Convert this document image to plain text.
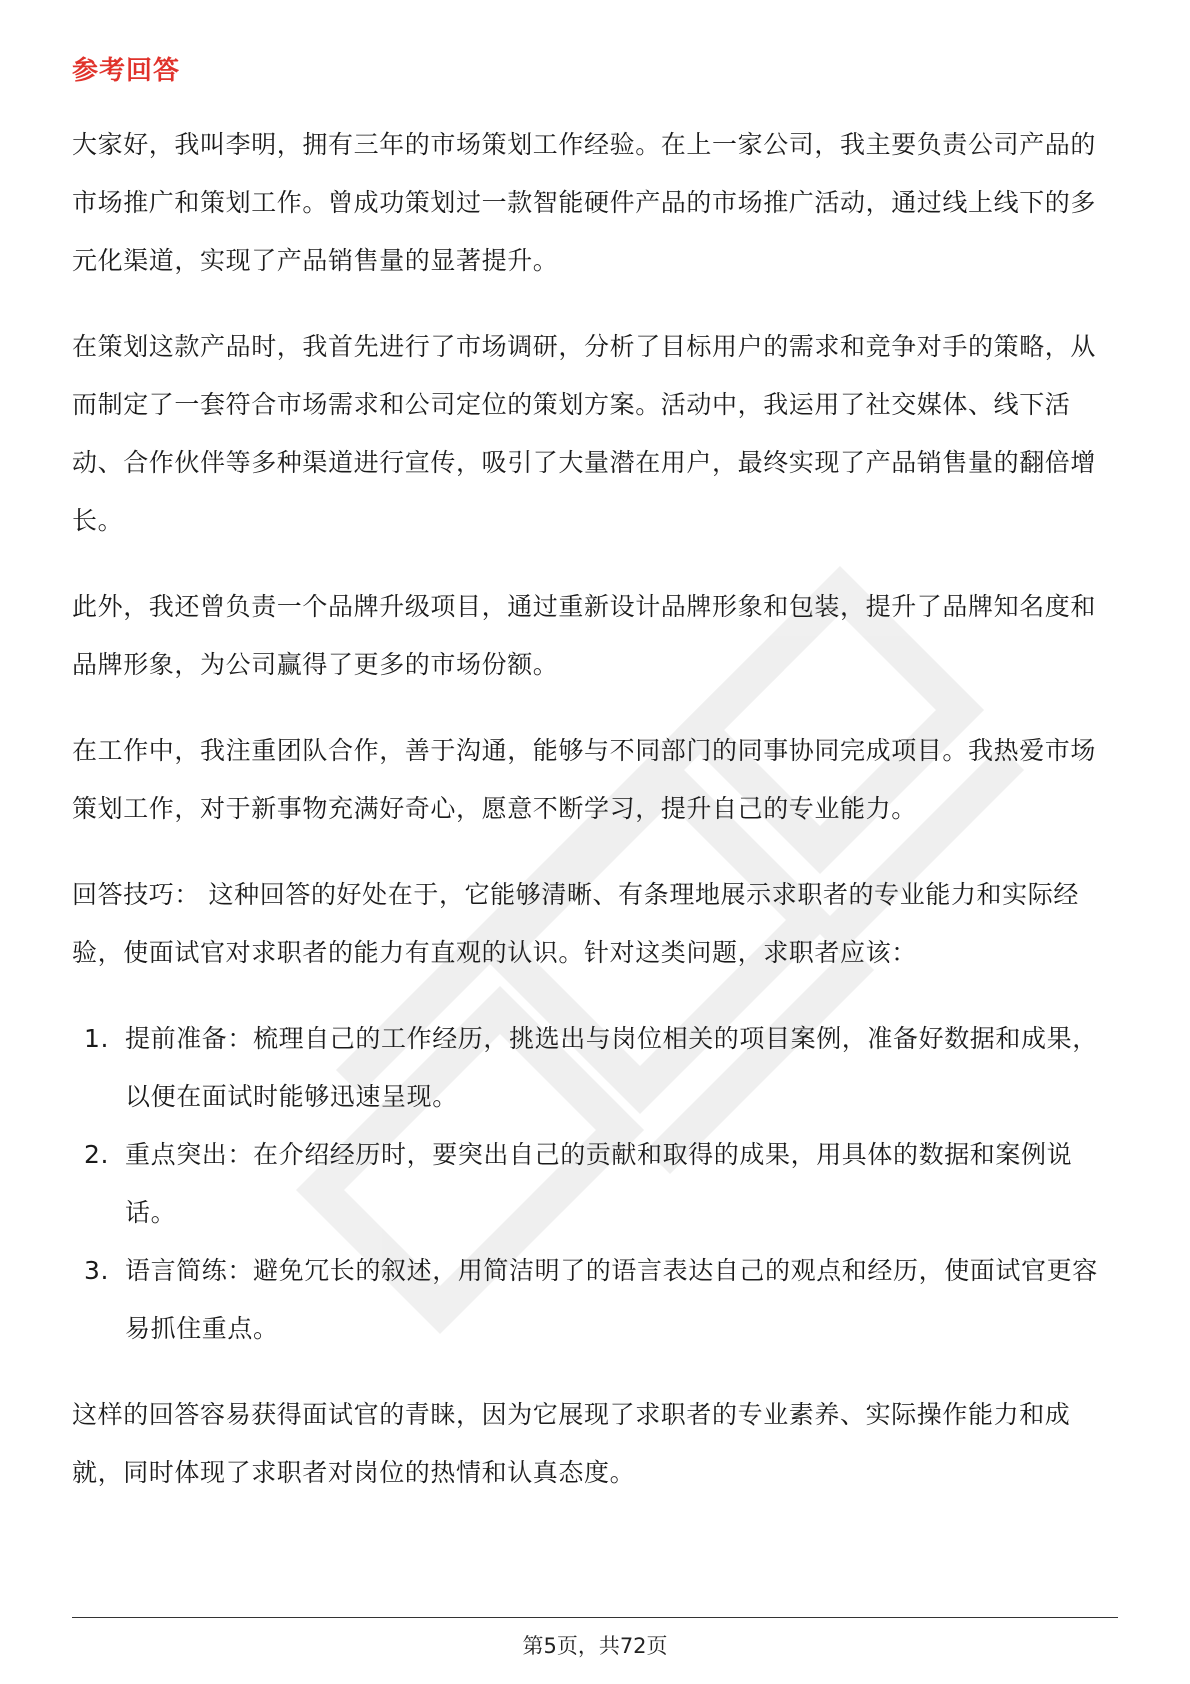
参考回答

大家好，我叫李明，拥有三年的市场策划工作经验。在上一家公司，我主要负责公司产品的市场推广和策划工作。曾成功策划过一款智能硬件产品的市场推广活动，通过线上线下的多元化渠道，实现了产品销售量的显著提升。

在策划这款产品时，我首先进行了市场调研，分析了目标用户的需求和竞争对手的策略，从而制定了一套符合市场需求和公司定位的策划方案。活动中，我运用了社交媒体、线下活动、合作伙伴等多种渠道进行宣传，吸引了大量潜在用户，最终实现了产品销售量的翻倍增长。

此外，我还曾负责一个品牌升级项目，通过重新设计品牌形象和包装，提升了品牌知名度和品牌形象，为公司赢得了更多的市场份额。

在工作中，我注重团队合作，善于沟通，能够与不同部门的同事协同完成项目。我热爱市场策划工作，对于新事物充满好奇心，愿意不断学习，提升自己的专业能力。

回答技巧： 这种回答的好处在于，它能够清晰、有条理地展示求职者的专业能力和实际经验，使面试官对求职者的能力有直观的认识。针对这类问题，求职者应该：

1. 提前准备：梳理自己的工作经历，挑选出与岗位相关的项目案例，准备好数据和成果，以便在面试时能够迅速呈现。
2. 重点突出：在介绍经历时，要突出自己的贡献和取得的成果，用具体的数据和案例说话。
3. 语言简练：避免冗长的叙述，用简洁明了的语言表达自己的观点和经历，使面试官更容易抓住重点。

这样的回答容易获得面试官的青睐，因为它展现了求职者的专业素养、实际操作能力和成就，同时体现了求职者对岗位的热情和认真态度。

第5页，共72页
